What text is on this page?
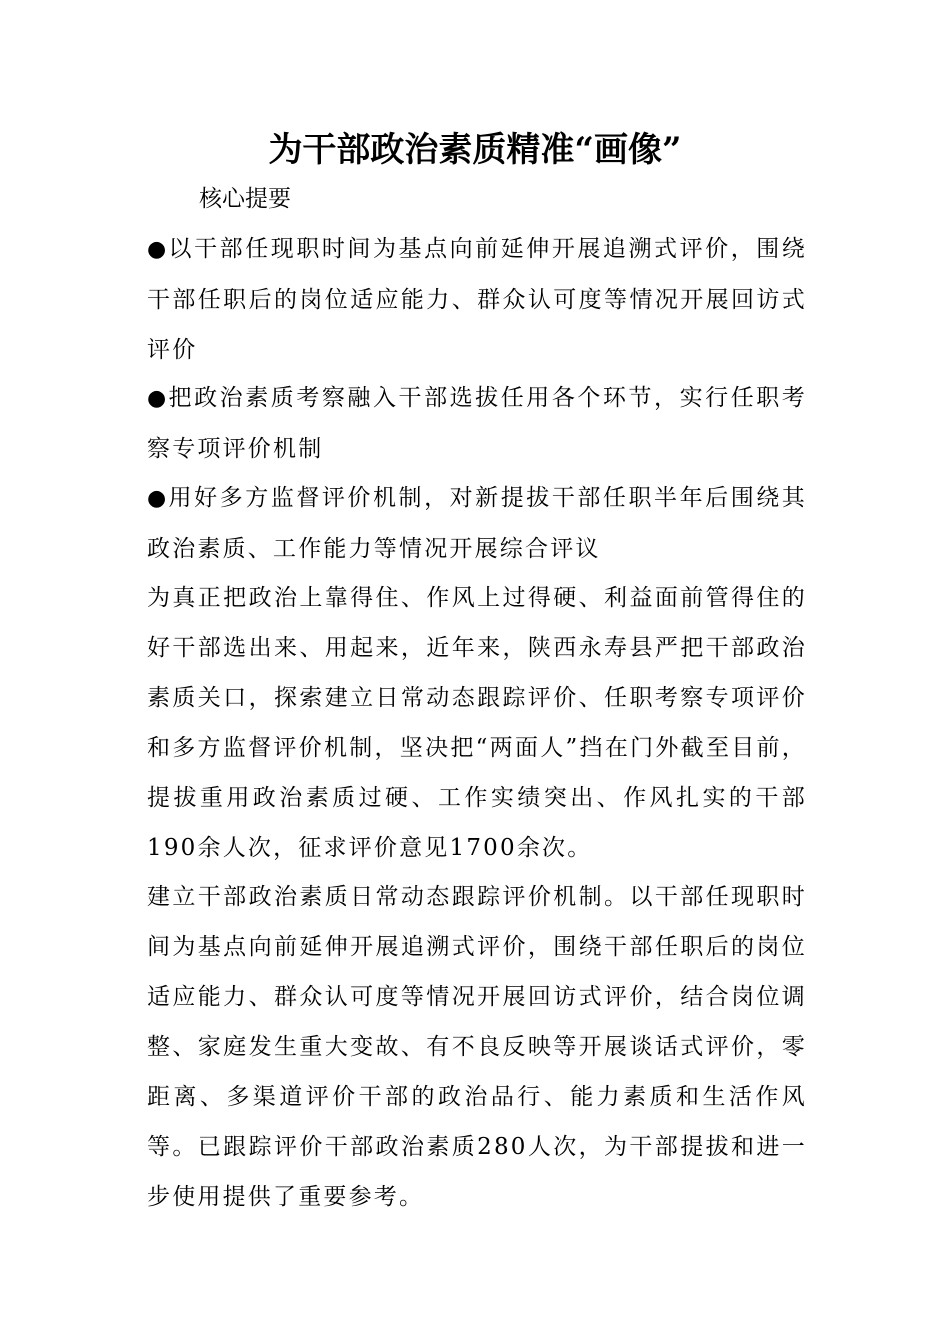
为干部政治素质精准“画像”
核心提要
●以干部任现职时间为基点向前延伸开展追溯式评价，围绕干部任职后的岗位适应能力、群众认可度等情况开展回访式评价
●把政治素质考察融入干部选拔任用各个环节，实行任职考察专项评价机制
●用好多方监督评价机制，对新提拔干部任职半年后围绕其政治素质、工作能力等情况开展综合评议
为真正把政治上靠得住、作风上过得硬、利益面前管得住的好干部选出来、用起来，近年来，陕西永寿县严把干部政治素质关口，探索建立日常动态跟踪评价、任职考察专项评价和多方监督评价机制，坚决把“两面人”挡在门外截至目前，提拔重用政治素质过硬、工作实绩突出、作风扎实的干部190余人次，征求评价意见1700余次。
建立干部政治素质日常动态跟踪评价机制。以干部任现职时间为基点向前延伸开展追溯式评价，围绕干部任职后的岗位适应能力、群众认可度等情况开展回访式评价，结合岗位调整、家庭发生重大变故、有不良反映等开展谈话式评价，零距离、多渠道评价干部的政治品行、能力素质和生活作风等。已跟踪评价干部政治素质280人次，为干部提拔和进一步使用提供了重要参考。
